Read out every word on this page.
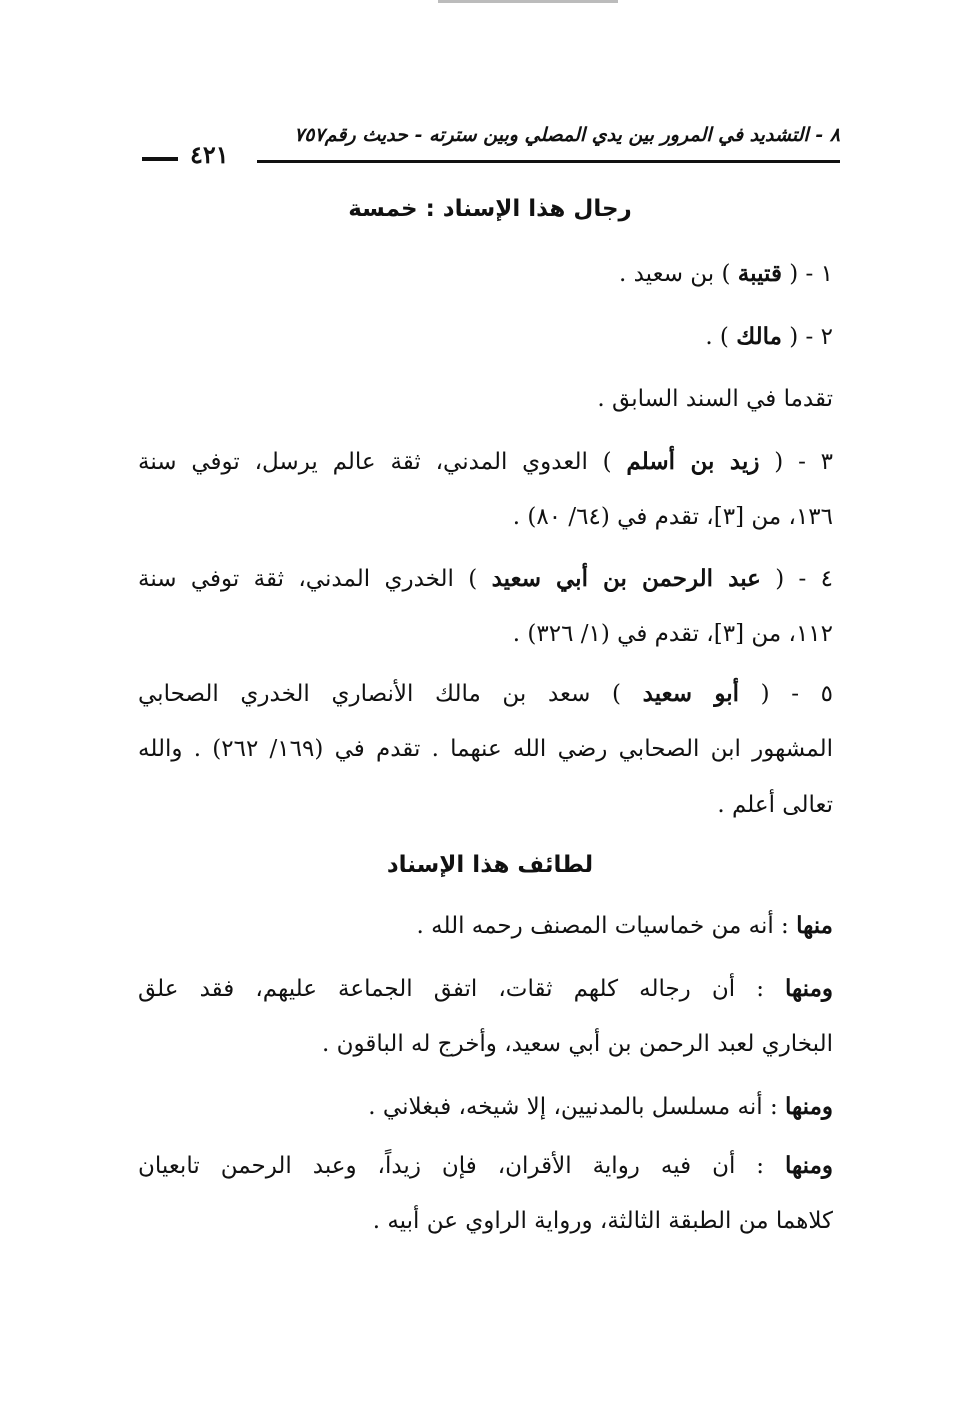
٨ - التشديد في المرور بين يدي المصلي وبين سترته - حديث رقم٧٥٧
٤٢١
رجال هذا الإسناد : خمسة
١ - ( قتيبة ) بن سعيد .
٢ - ( مالك ) .
تقدما في السند السابق .
٣ - ( زيد بن أسلم ) العدوي المدني، ثقة عالم يرسل، توفي سنة
١٣٦، من [٣]، تقدم في (٦٤/ ٨٠) .
٤ - ( عبد الرحمن بن أبي سعيد ) الخدري المدني، ثقة توفي سنة
١١٢، من [٣]، تقدم في (١/ ٣٢٦) .
٥ - ( أبو سعيد ) سعد بن مالك الأنصاري الخدري الصحابي
المشهور ابن الصحابي رضي الله عنهما . تقدم في (١٦٩/ ٢٦٢) . والله
تعالى أعلم .
لطائف هذا الإسناد
منها : أنه من خماسيات المصنف رحمه الله .
ومنها : أن رجاله كلهم ثقات، اتفق الجماعة عليهم، فقد علق
البخاري لعبد الرحمن بن أبي سعيد، وأخرج له الباقون .
ومنها : أنه مسلسل بالمدنيين، إلا شيخه، فبغلاني .
ومنها : أن فيه رواية الأقران، فإن زيداً، وعبد الرحمن تابعيان
كلاهما من الطبقة الثالثة، ورواية الراوي عن أبيه .
